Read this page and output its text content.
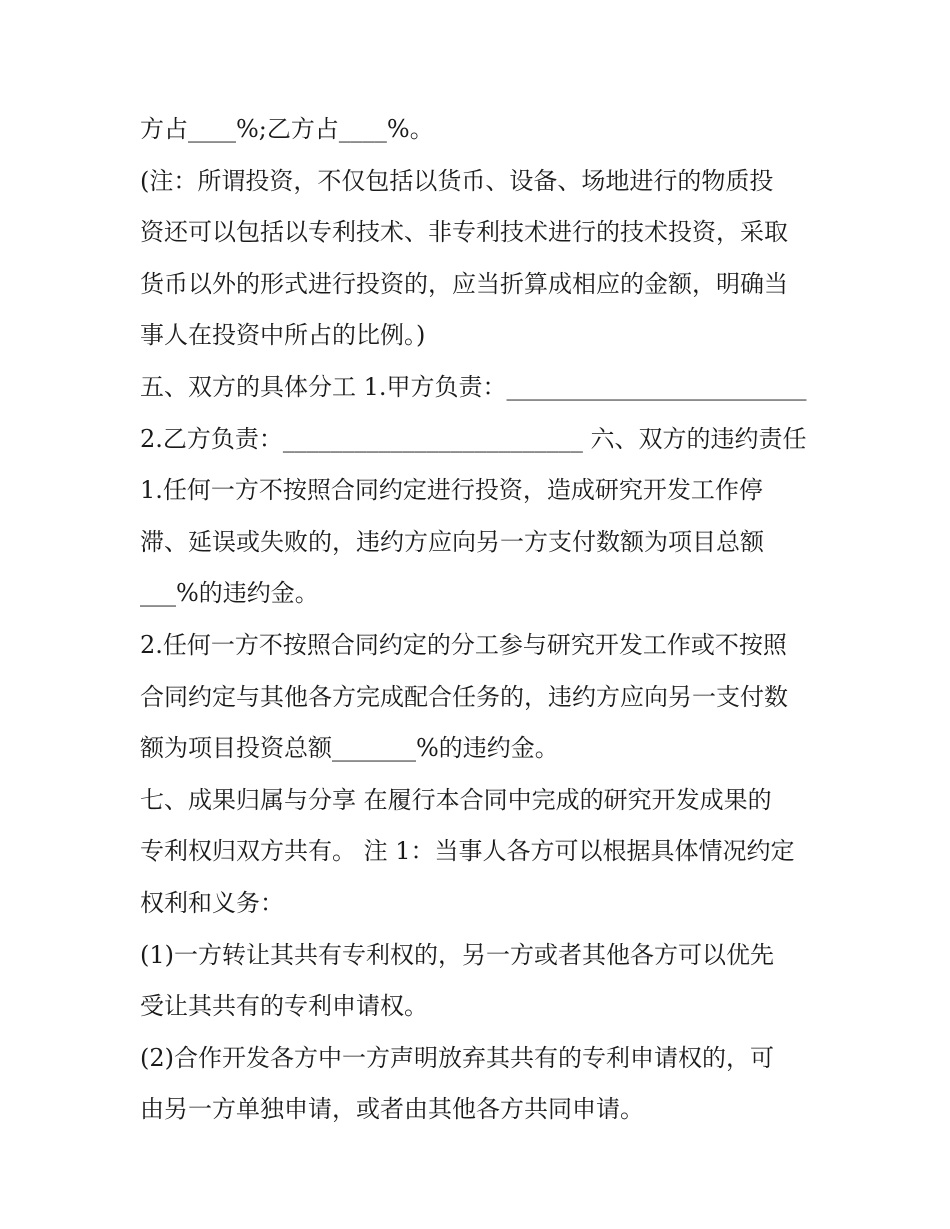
方占____%;乙方占____%。
(注：所谓投资，不仅包括以货币、设备、场地进行的物质投
资还可以包括以专利技术、非专利技术进行的技术投资，采取
货币以外的形式进行投资的，应当折算成相应的金额，明确当
事人在投资中所占的比例。)
五、双方的具体分工 1.甲方负责：_________________________
2.乙方负责：_________________________ 六、双方的违约责任
1.任何一方不按照合同约定进行投资，造成研究开发工作停
滞、延误或失败的，违约方应向另一方支付数额为项目总额
___%的违约金。
2.任何一方不按照合同约定的分工参与研究开发工作或不按照
合同约定与其他各方完成配合任务的，违约方应向另一支付数
额为项目投资总额_______%的违约金。
七、成果归属与分享 在履行本合同中完成的研究开发成果的
专利权归双方共有。 注 1：当事人各方可以根据具体情况约定
权利和义务：
(1)一方转让其共有专利权的，另一方或者其他各方可以优先
受让其共有的专利申请权。
(2)合作开发各方中一方声明放弃其共有的专利申请权的，可
由另一方单独申请，或者由其他各方共同申请。
